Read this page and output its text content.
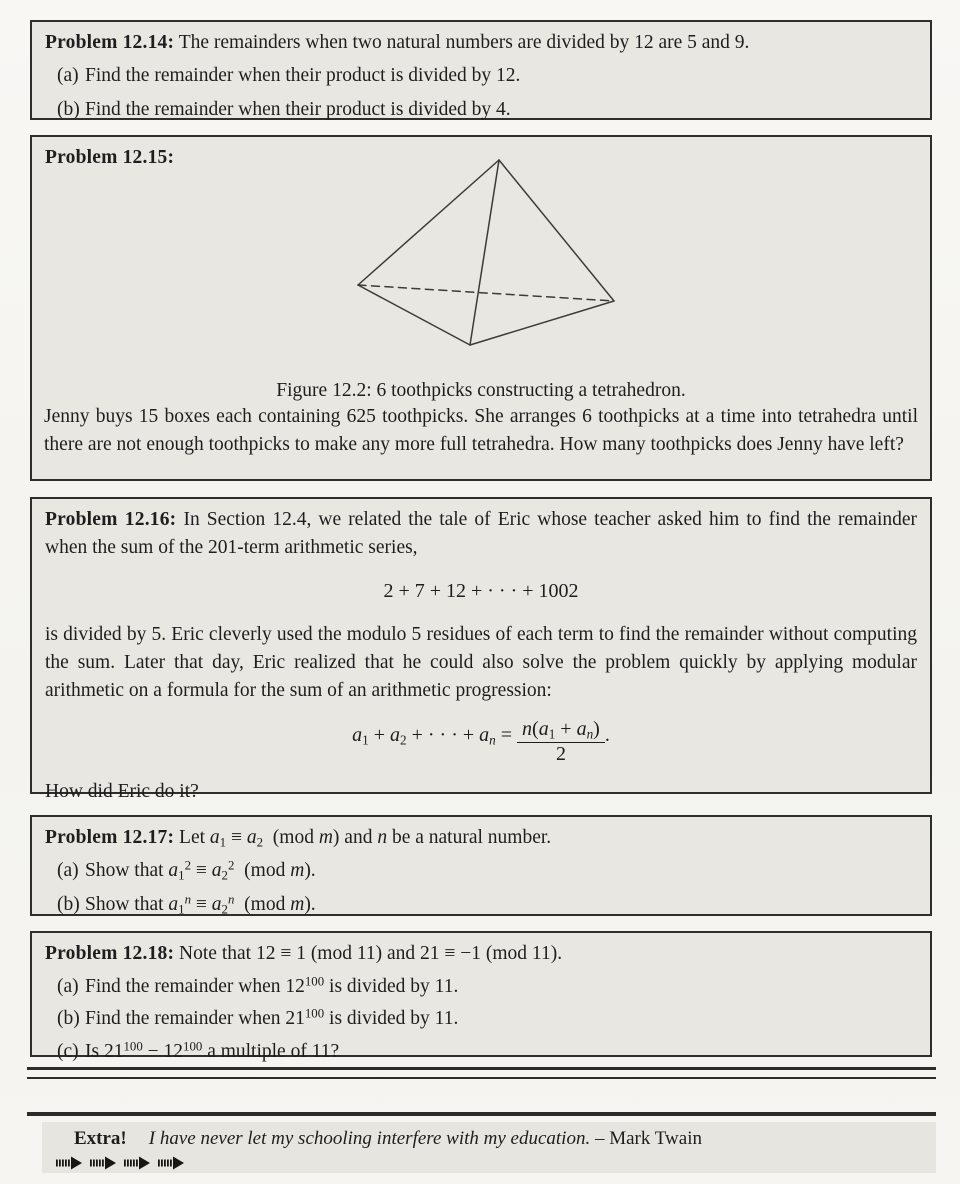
Problem 12.14: The remainders when two natural numbers are divided by 12 are 5 and 9.
(a) Find the remainder when their product is divided by 12.
(b) Find the remainder when their product is divided by 4.
Problem 12.15:
Figure 12.2: 6 toothpicks constructing a tetrahedron.
Jenny buys 15 boxes each containing 625 toothpicks. She arranges 6 toothpicks at a time into tetrahedra until there are not enough toothpicks to make any more full tetrahedra. How many toothpicks does Jenny have left?
Problem 12.16: In Section 12.4, we related the tale of Eric whose teacher asked him to find the remainder when the sum of the 201-term arithmetic series,
2 + 7 + 12 + · · · + 1002
is divided by 5. Eric cleverly used the modulo 5 residues of each term to find the remainder without computing the sum. Later that day, Eric realized that he could also solve the problem quickly by applying modular arithmetic on a formula for the sum of an arithmetic progression:
$a_1 + a_2$ + · · · + an = $\frac{n(a_1 + an)}{2}$ .
How did Eric do it?
Problem 12.17: Let $a_1 \equiv a_2$  (mod m) and n be a natural number.
(a) Show that $a_1^2 \equiv a_2^2$  (mod m).
(b) Show that $a_1^n \equiv a_2^n$  (mod m).
Problem 12.18: Note that 12 ≡ 1 (mod 11) and 21 ≡ −1 (mod 11).
(a) Find the remainder when $12^{100}$ is divided by 11.
(b) Find the remainder when $21^{100}$ is divided by 11.
(c) Is $21^{100} - 12^{100}$ a multiple of 11?
Extra! I have never let my schooling interfere with my education. – Mark Twain
